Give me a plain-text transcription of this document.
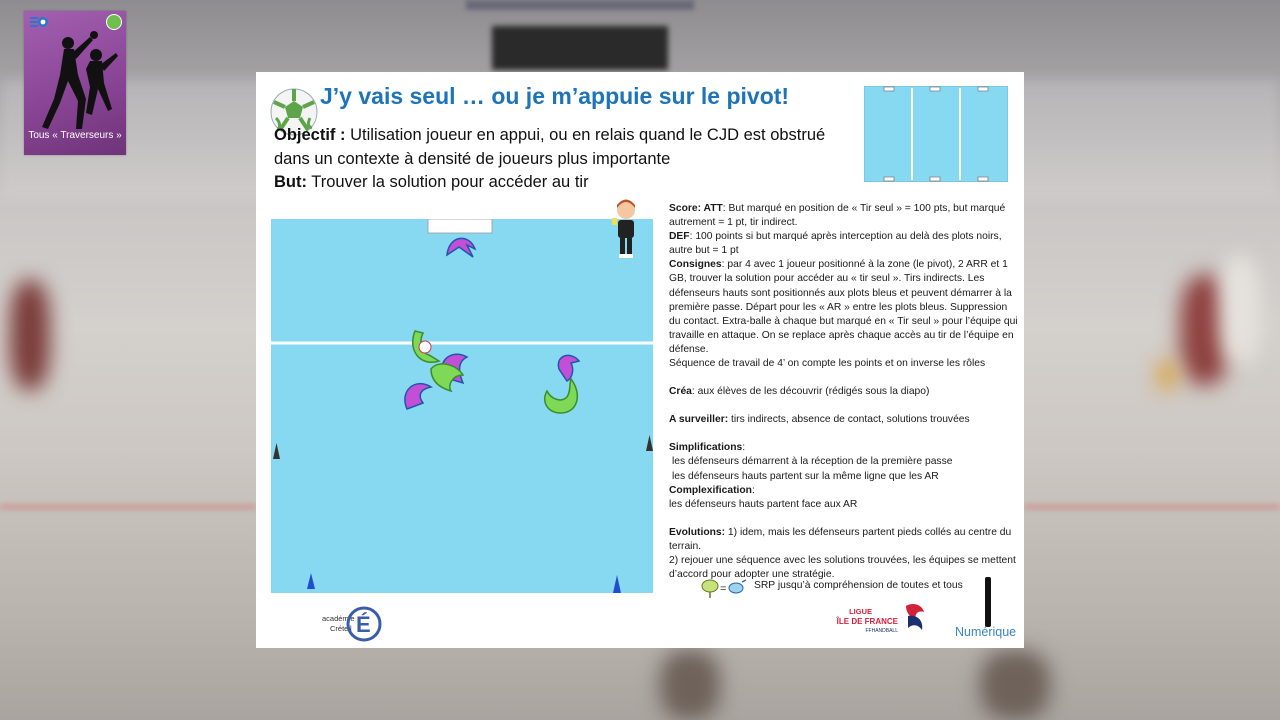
Tous « Traverseurs »
J’y vais seul … ou je m’appuie sur le pivot!
Objectif : Utilisation joueur en appui, ou en relais quand le CJD est obstrué dans un contexte à densité de joueurs plus importante
But: Trouver la solution pour accéder au tir

Score: ATT: But marqué en position de « Tir seul » = 100 pts, but marqué autrement = 1 pt, tir indirect.

DEF: 100 points si but marqué après interception au delà des plots noirs, autre but = 1 pt

Consignes: par 4 avec 1 joueur positionné à la zone (le pivot), 2 ARR et 1 GB, trouver la solution pour accéder au « tir seul ». Tirs indirects. Les défenseurs hauts sont positionnés aux plots bleus et peuvent démarrer à la première passe. Départ pour les « AR » entre les plots bleus. Suppression du contact. Extra-balle à chaque but marqué en « Tir seul » pour l’équipe qui travaille en attaque. On se replace après chaque accès au tir de l’équipe en défense.

Séquence de travail de 4’ on compte les points et on inverse les rôles

Créa: aux élèves de les découvrir (rédigés sous la diapo)

A surveiller: tirs indirects, absence de contact, solutions trouvées

Simplifications:

les défenseurs démarrent à la réception de la première passe

les défenseurs hauts partent sur la même ligne que les AR

Complexification:

les défenseurs hauts partent face aux AR

Evolutions: 1) idem, mais les défenseurs partent pieds collés au centre du terrain.

2) rejouer une séquence avec les solutions trouvées, les équipes se mettent d’accord pour adopter une stratégie.

=	SRP jusqu’à compréhension de toutes et tous
académie
Créteil É
LIGUE
ÎLE DE FRANCE
FFHANDBALL	Numérique
